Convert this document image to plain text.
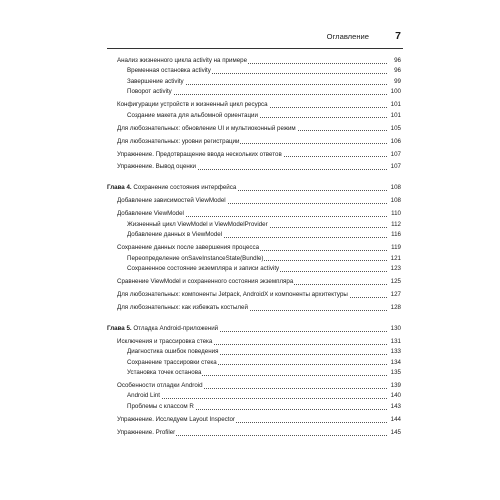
Оглавление 7
Анализ жизненного цикла activity на примере	96
Временная остановка activity	96
Завершение activity	99
Поворот activity	100
Конфигурации устройств и жизненный цикл ресурса	101
Создание макета для альбомной ориентации	101
Для любознательных: обновление UI и мультиоконный режим	105
Для любознательных: уровни регистрации	106
Упражнение. Предотвращение ввода нескольких ответов	107
Упражнение. Вывод оценки	107
Глава 4. Сохранение состояния интерфейса	108
Добавление зависимостей ViewModel	108
Добавление ViewModel	110
Жизненный цикл ViewModel и ViewModelProvider	112
Добавление данных в ViewModel	116
Сохранение данных после завершения процесса	119
Переопределение onSaveInstanceState(Bundle)	121
Сохраненное состояние экземпляра и записи activity	123
Сравнение ViewModel и сохраненного состояния экземпляра	125
Для любознательных: компоненты Jetpack, AndroidX и компоненты архитектуры	127
Для любознательных: как избежать костылей	128
Глава 5. Отладка Android-приложений	130
Исключения и трассировка стека	131
Диагностика ошибок поведения	133
Сохранение трассировки стека	134
Установка точек останова	135
Особенности отладки Android	139
Android Lint	140
Проблемы с классом R	143
Упражнение. Исследуем Layout Inspector	144
Упражнение. Profiler	145
